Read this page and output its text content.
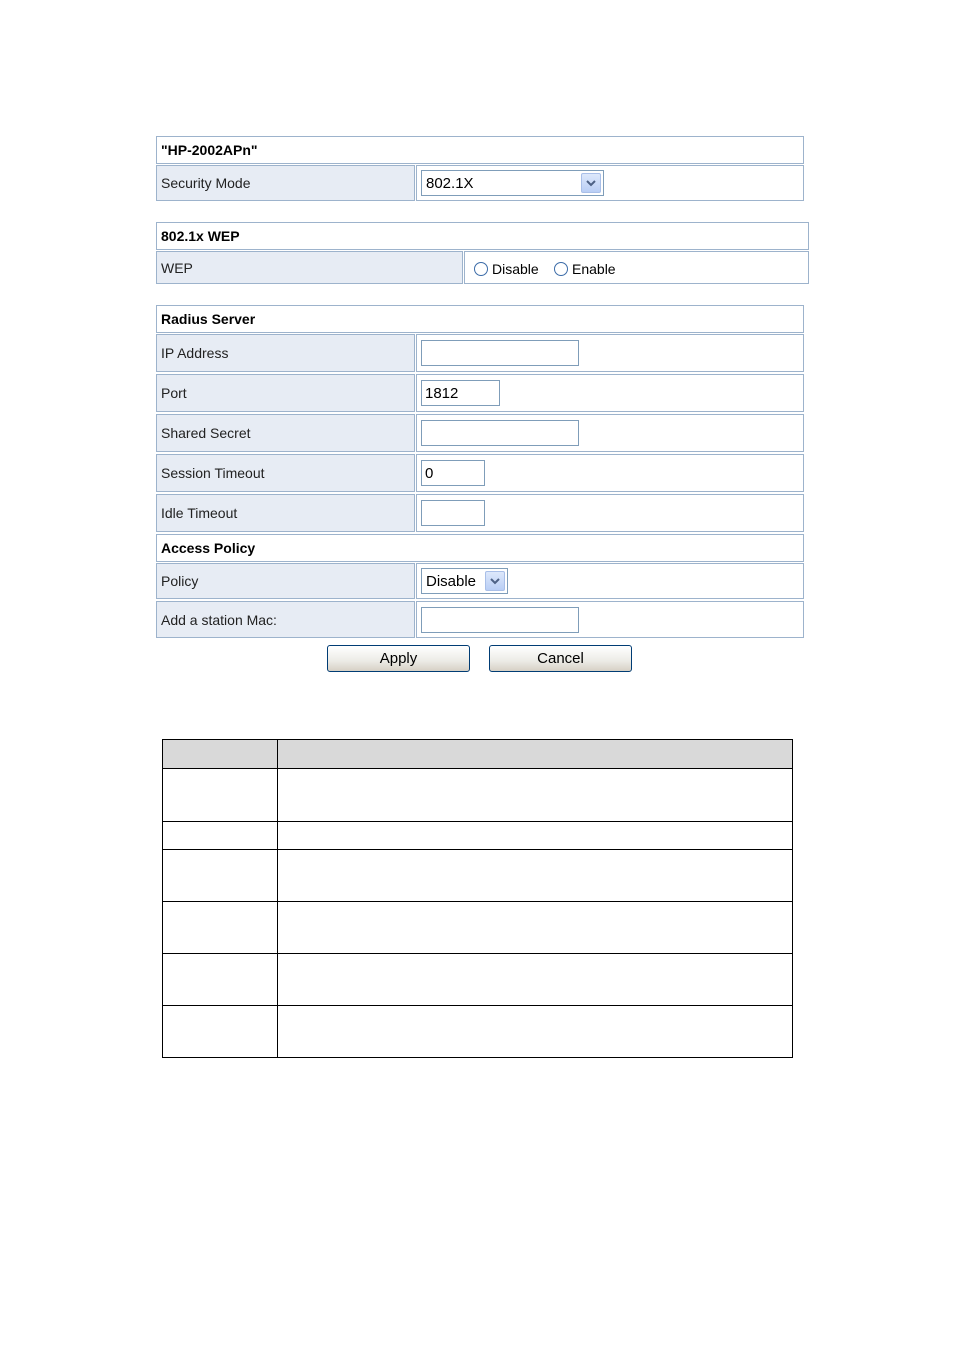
"HP-2002APn"
Security Mode	802.1X
802.1x WEP
WEP	Disable Enable
Radius Server
IP Address
Port	1812
Shared Secret
Session Timeout	0
Idle Timeout
Access Policy
Policy	Disable
Add a station Mac:
Apply	Cancel
